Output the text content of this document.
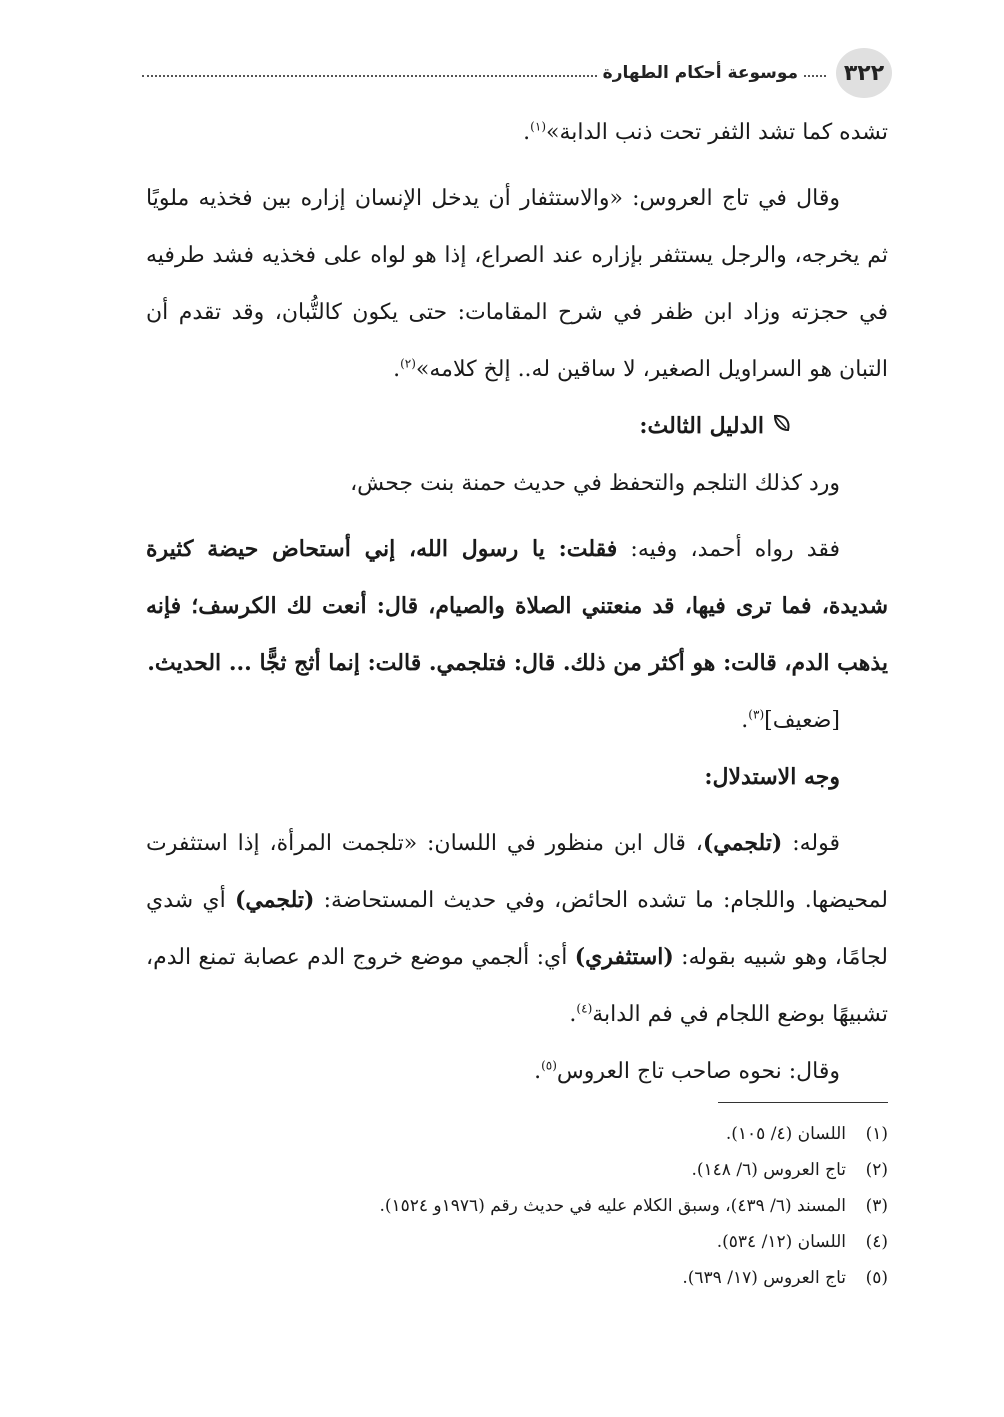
٣٢٢
موسوعة أحكام الطهارة

تشده كما تشد الثفر تحت ذنب الدابة»$^{(١)}$.

وقال في تاج العروس: «والاستثفار أن يدخل الإنسان إزاره بين فخذيه ملويًا ثم يخرجه، والرجل يستثفر بإزاره عند الصراع، إذا هو لواه على فخذيه فشد طرفيه في حجزته وزاد ابن ظفر في شرح المقامات: حتى يكون كالتُّبان، وقد تقدم أن التبان هو السراويل الصغير، لا ساقين له.. إلخ كلامه»$^{(٢)}$.

الدليل الثالث:

ورد كذلك التلجم والتحفظ في حديث حمنة بنت جحش،

فقد رواه أحمد، وفيه: فقلت: يا رسول الله، إني أستحاض حيضة كثيرة شديدة، فما ترى فيها، قد منعتني الصلاة والصيام، قال: أنعت لك الكرسف؛ فإنه يذهب الدم، قالت: هو أكثر من ذلك. قال: فتلجمي. قالت: إنما أثج ثجًّا ... الحديث.

[ضعيف]$^{(٣)}$.

وجه الاستدلال:

قوله: (تلجمي)، قال ابن منظور في اللسان: «تلجمت المرأة، إذا استثفرت لمحيضها. واللجام: ما تشده الحائض، وفي حديث المستحاضة: (تلجمي) أي شدي لجامًا، وهو شبيه بقوله: (استثفري) أي: ألجمي موضع خروج الدم عصابة تمنع الدم، تشبيهًا بوضع اللجام في فم الدابة$^{(٤)}$.

وقال: نحوه صاحب تاج العروس$^{(٥)}$.

(١)اللسان (٤/ ١٠٥).
(٢)تاج العروس (٦/ ١٤٨).
(٣)المسند (٦/ ٤٣٩)، وسبق الكلام عليه في حديث رقم (١٩٧٦و ١٥٢٤).
(٤)اللسان (١٢/ ٥٣٤).
(٥)تاج العروس (١٧/ ٦٣٩).
